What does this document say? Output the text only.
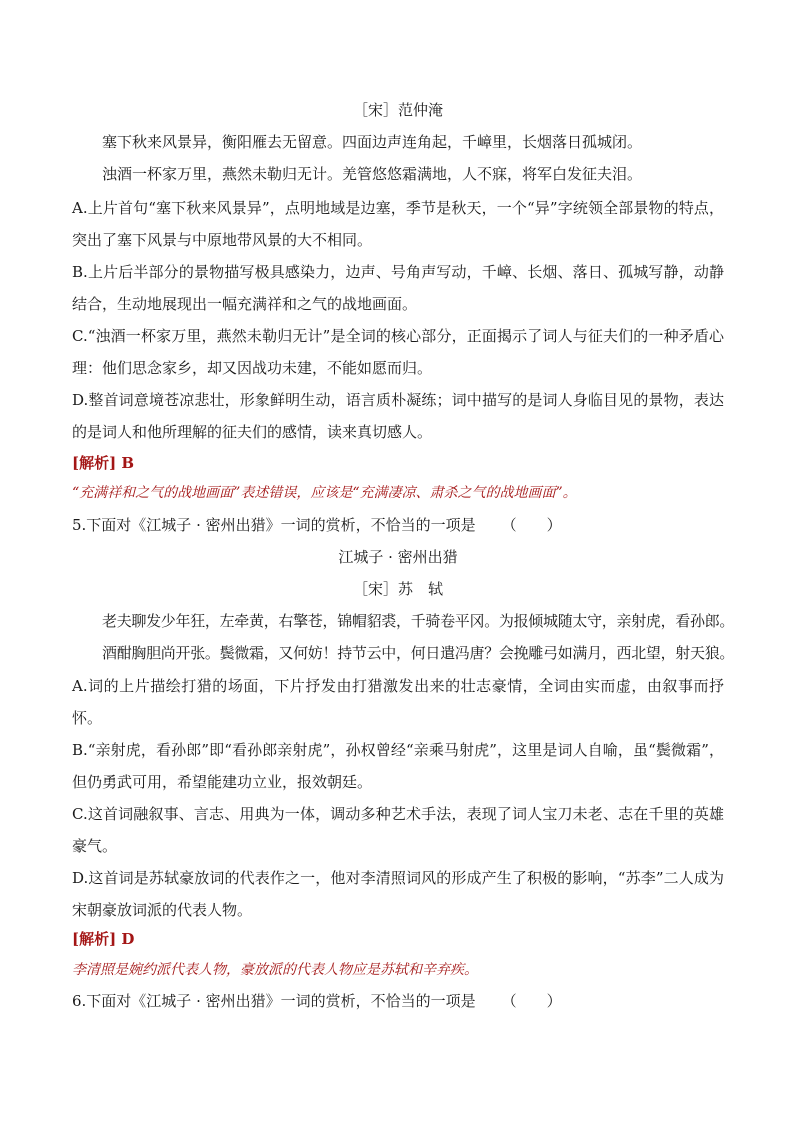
［宋］范仲淹
塞下秋来风景异，衡阳雁去无留意。四面边声连角起，千嶂里，长烟落日孤城闭。
浊酒一杯家万里，燕然未勒归无计。羌管悠悠霜满地，人不寐，将军白发征夫泪。
A.上片首句“塞下秋来风景异”，点明地域是边塞，季节是秋天，一个“异”字统领全部景物的特点，突出了塞下风景与中原地带风景的大不相同。
B.上片后半部分的景物描写极具感染力，边声、号角声写动，千嶂、长烟、落日、孤城写静，动静结合，生动地展现出一幅充满祥和之气的战地画面。
C.“浊酒一杯家万里，燕然未勒归无计”是全词的核心部分，正面揭示了词人与征夫们的一种矛盾心理：他们思念家乡，却又因战功未建，不能如愿而归。
D.整首词意境苍凉悲壮，形象鲜明生动，语言质朴凝练；词中描写的是词人身临目见的景物，表达的是词人和他所理解的征夫们的感情，读来真切感人。
[解析] B
“充满祥和之气的战地画面”表述错误，应该是“充满凄凉、肃杀之气的战地画面”。
5.下面对《江城子 · 密州出猎》一词的赏析，不恰当的一项是 （　　）
江城子 · 密州出猎
［宋］苏　轼
老夫聊发少年狂，左牵黄，右擎苍，锦帽貂裘，千骑卷平冈。为报倾城随太守，亲射虎，看孙郎。
酒酣胸胆尚开张。鬓微霜，又何妨！持节云中，何日遣冯唐？会挽雕弓如满月，西北望，射天狼。
A.词的上片描绘打猎的场面，下片抒发由打猎激发出来的壮志豪情，全词由实而虚，由叙事而抒怀。
B.“亲射虎，看孙郎”即“看孙郎亲射虎”，孙权曾经“亲乘马射虎”，这里是词人自喻，虽“鬓微霜”，但仍勇武可用，希望能建功立业，报效朝廷。
C.这首词融叙事、言志、用典为一体，调动多种艺术手法，表现了词人宝刀未老、志在千里的英雄豪气。
D.这首词是苏轼豪放词的代表作之一，他对李清照词风的形成产生了积极的影响，“苏李”二人成为宋朝豪放词派的代表人物。
[解析] D
李清照是婉约派代表人物，豪放派的代表人物应是苏轼和辛弃疾。
6.下面对《江城子 · 密州出猎》一词的赏析，不恰当的一项是 （　　）
